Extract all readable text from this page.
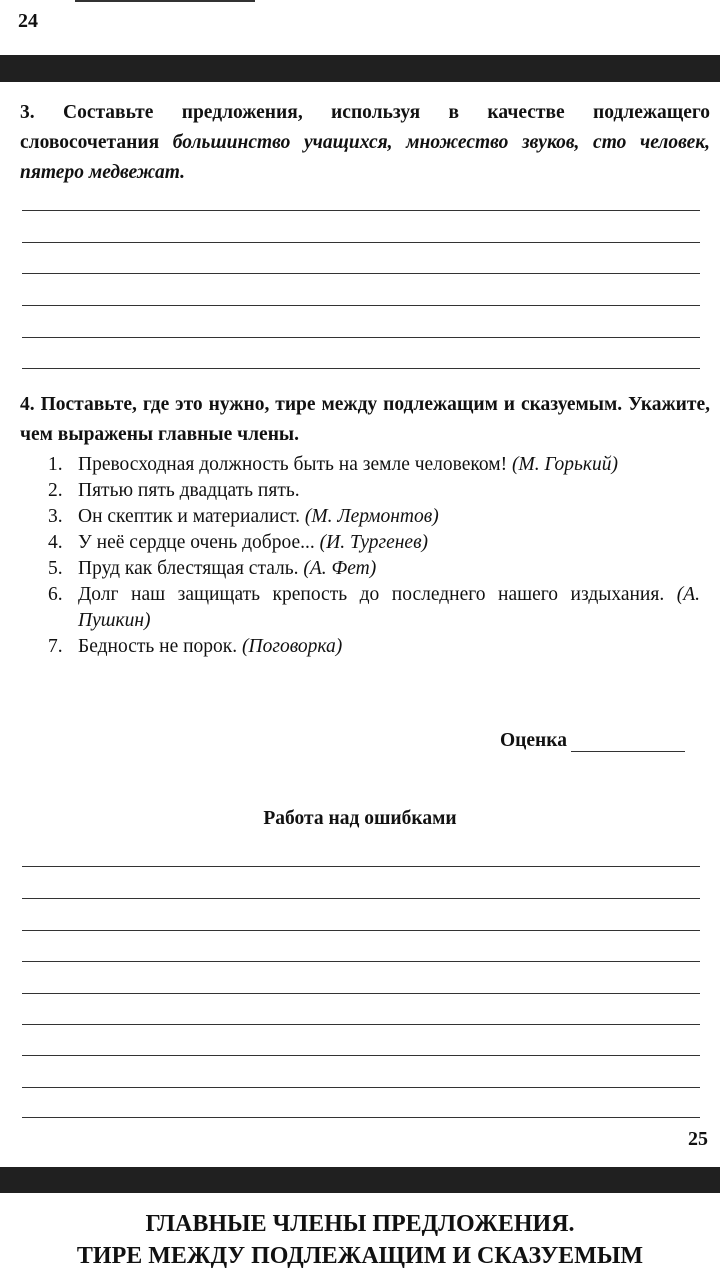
24
3. Составьте предложения, используя в качестве подлежащего словосочетания большинство учащихся, множество звуков, сто человек, пятеро медвежат.
4. Поставьте, где это нужно, тире между подлежащим и сказуемым. Укажите, чем выражены главные члены.
1. Превосходная должность быть на земле человеком! (М. Горький)
2. Пятью пять двадцать пять.
3. Он скептик и материалист. (М. Лермонтов)
4. У неё сердце очень доброе... (И. Тургенев)
5. Пруд как блестящая сталь. (А. Фет)
6. Долг наш защищать крепость до последнего нашего издыхания. (А. Пушкин)
7. Бедность не порок. (Поговорка)
Оценка
Работа над ошибками
25
ГЛАВНЫЕ ЧЛЕНЫ ПРЕДЛОЖЕНИЯ.
ТИРЕ МЕЖДУ ПОДЛЕЖАЩИМ И СКАЗУЕМЫМ
